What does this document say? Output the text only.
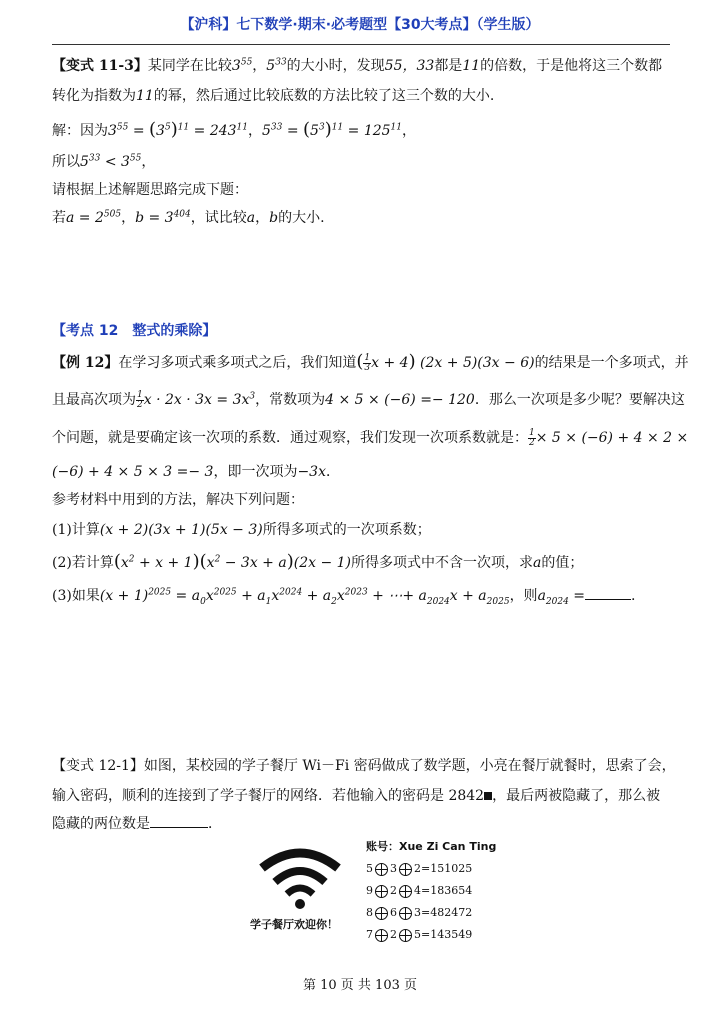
【沪科】七下数学·期末·必考题型【30大考点】（学生版）
【变式 11-3】某同学在比较$3^{55}$，$5^{33}$的大小时，发现55，33都是11的倍数，于是他将这三个数都
转化为指数为11的幂，然后通过比较底数的方法比较了这三个数的大小.
解：因为$3^{55} = (3^5)^{11} = 243^{11}$，$5^{33} = (5^3)^{11} = 125^{11}$，
所以$5^{33} < 3^{55}$，
请根据上述解题思路完成下题：
若$a = 2^{505}$，$b = 3^{404}$，试比较a，b的大小.
【考点 12　整式的乘除】
【例 12】在学习多项式乘多项式之后，我们知道( $\frac{1}{3}$ x + 4) (2x + 5)(3x − 6)的结果是一个多项式，并
且最高次项为 $\frac{1}{2}$ $x \cdot 2x \cdot 3x = 3x^3$，常数项为4 × 5 × (−6) =− 120．那么一次项是多少呢？要解决这
个问题，就是要确定该一次项的系数．通过观察，我们发现一次项系数就是： $\frac{1}{2} \times 5 \times (-6) + 4 \times 2$ ×
(−6) + 4 × 5 × 3 =− 3，即一次项为−3x．
参考材料中用到的方法，解决下列问题：
(1)计算(x + 2)(3x + 1)(5x − 3)所得多项式的一次项系数；
(2)若计算$(x^2 + x + 1)(x^2 - 3x + a)(2x - 1)$所得多项式中不含一次项，求a的值；
(3)如果$(x + 1)^{2025} = a_0x^{2025} + a_1x^{2024} + a_2x^{2023}$ + ⋯+ $a_{2024}x + a_{2025}$，则$a_{2024}$ =	.
【变式 12-1】如图，某校园的学子餐厅 Wi－Fi 密码做成了数学题，小亮在餐厅就餐时，思索了会，
输入密码，顺利的连接到了学子餐厅的网络．若他输入的密码是 2842 ，最后两被隐藏了，那么被
隐藏的两位数是	．
学子餐厅欢迎你！
账号：Xue Zi Can Ting
5 3 2=151025
9 2 4=183654
8 6 3=482472
7 2 5=143549
第 10 页 共 103 页
